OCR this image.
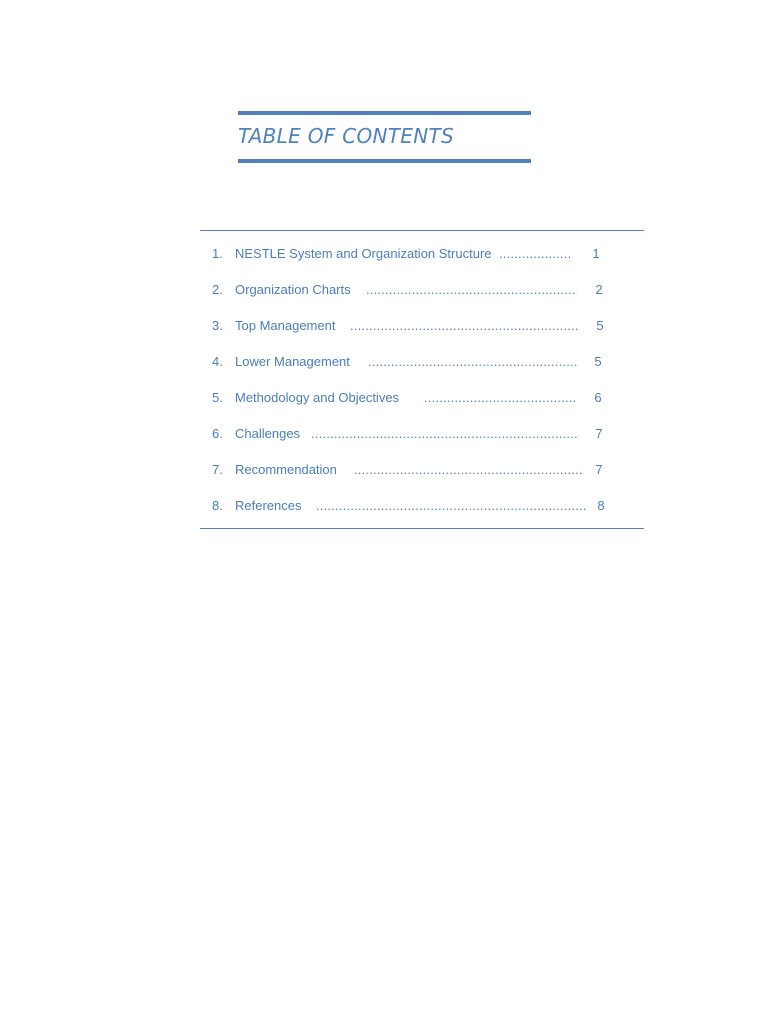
TABLE OF CONTENTS
1. NESTLE System and Organization Structure .....	1
2. Organization Charts .....	2
3. Top Management .....	5
4. Lower Management .....	5
5. Methodology and Objectives .....	6
6. Challenges .....	7
7. Recommendation .....	7
8. References .....	8
